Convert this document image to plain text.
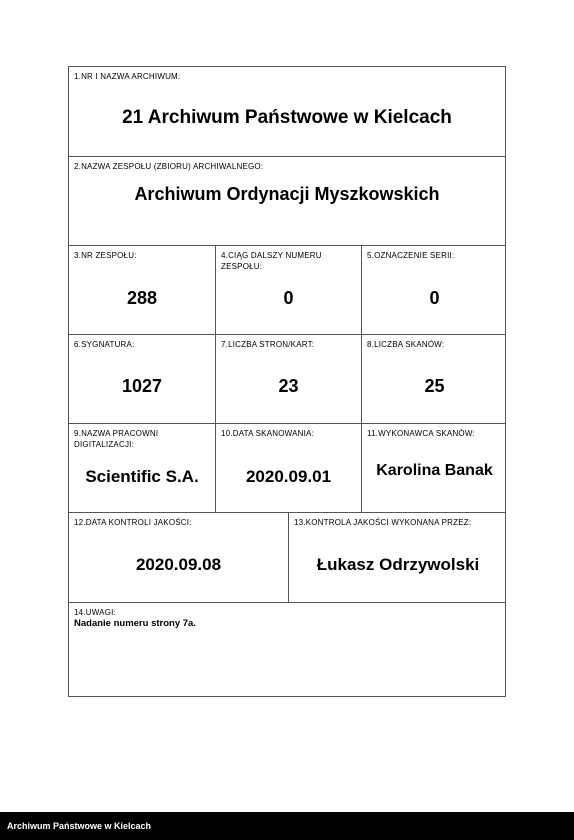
1.NR I NAZWA ARCHIWUM:
21 Archiwum Państwowe w Kielcach
2.NAZWA ZESPOŁU (ZBIORU) ARCHIWALNEGO:
Archiwum Ordynacji Myszkowskich
3.NR ZESPOŁU:
288
4.CIĄG DALSZY NUMERU ZESPOŁU:
0
5.OZNACZENIE SERII:
0
6.SYGNATURA:
1027
7.LICZBA STRON/KART:
23
8.LICZBA SKANÓW:
25
9.NAZWA PRACOWNI DIGITALIZACJI:
Scientific S.A.
10.DATA SKANOWANIA:
2020.09.01
11.WYKONAWCA SKANÓW:
Karolina Banak
12.DATA KONTROLI JAKOŚCI:
2020.09.08
13.KONTROLA JAKOŚCI WYKONANA PRZEZ:
Łukasz Odrzywolski
14.UWAGI:
Nadanie numeru strony 7a.
Archiwum Państwowe w Kielcach
